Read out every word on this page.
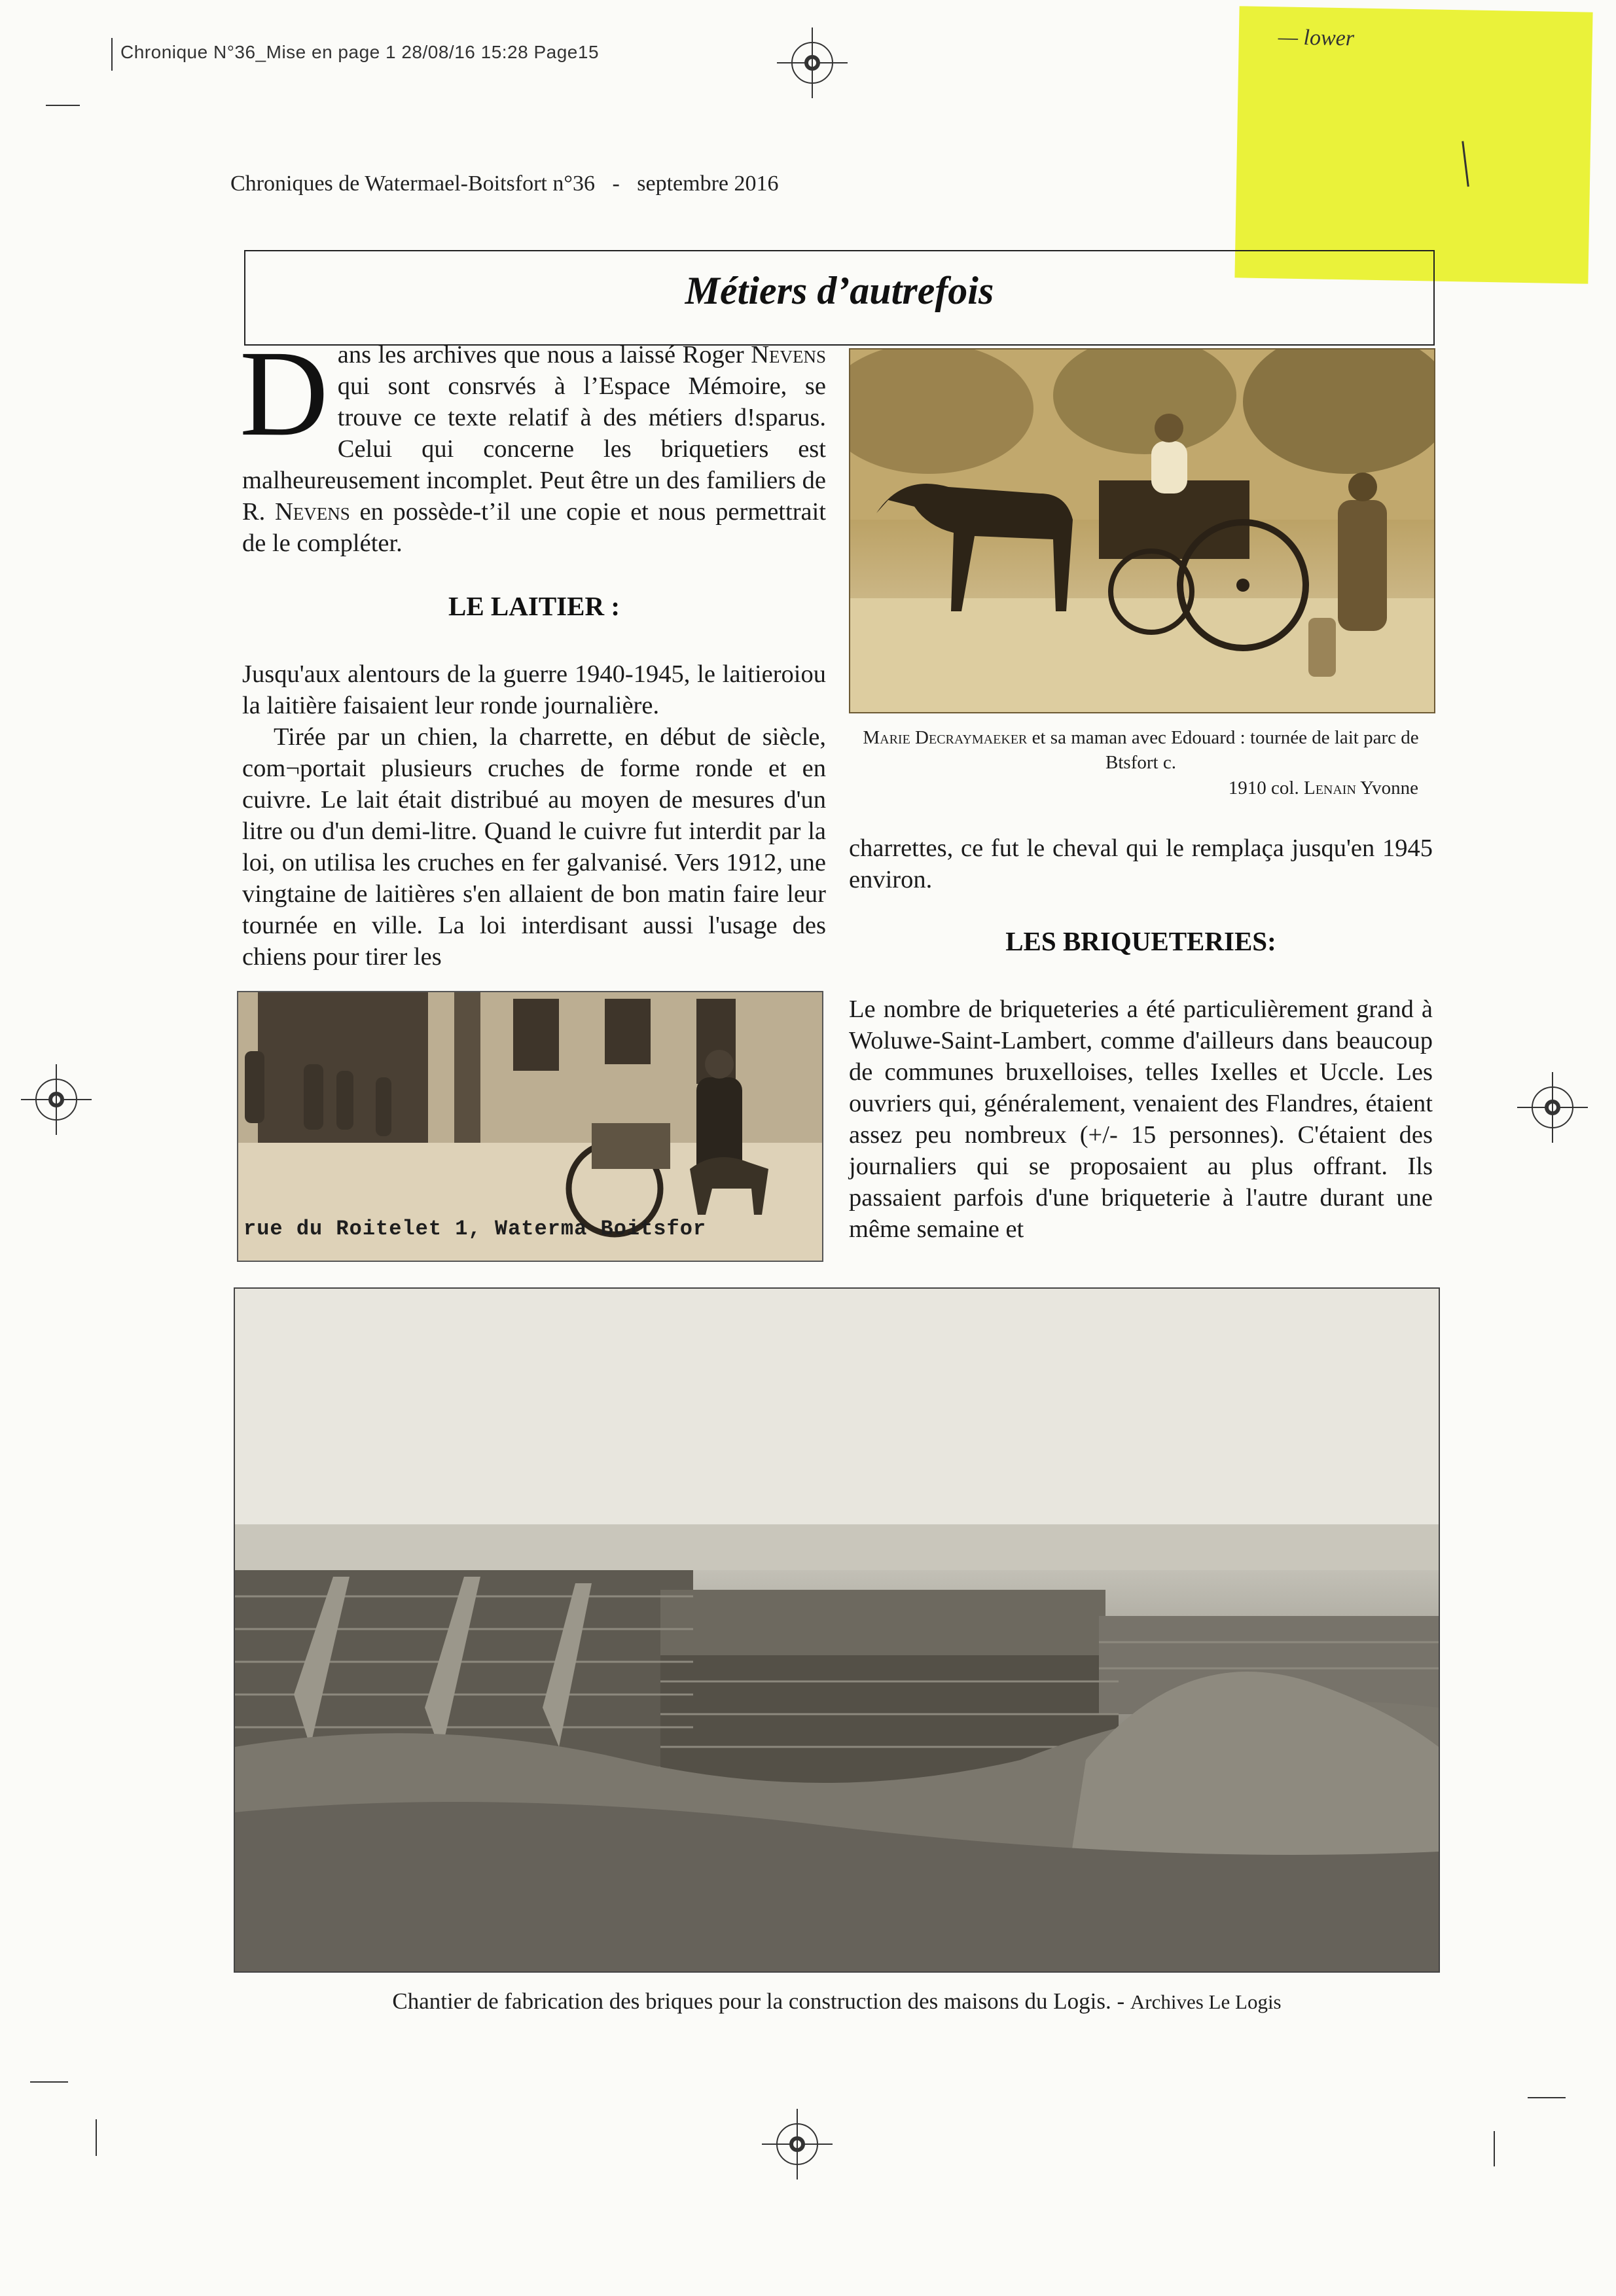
Chronique N°36_Mise en page 1 28/08/16 15:28 Page15
— lower
Chroniques de Watermael-Boitsfort n°36 - septembre 2016
Métiers d’autrefois
Dans les archives que nous a laissé Roger Nevens qui sont consrvés à l’Espace Mémoire, se trouve ce texte relatif à des métiers d!sparus. Celui qui concerne les briquetiers est malheureusement incomplet. Peut être un des familiers de R. Nevens en possède-t’il une copie et nous permettrait de le compléter.
LE LAITIER :

Jusqu'aux alentours de la guerre 1940-1945, le laitieroiou la laitière faisaient leur ronde journalière.

Tirée par un chien, la charrette, en début de siècle, com¬portait plusieurs cruches de forme ronde et en cuivre. Le lait était distribué au moyen de mesures d'un litre ou d'un demi-litre. Quand le cuivre fut interdit par la loi, on utilisa les cruches en fer galvanisé. Vers 1912, une vingtaine de laitières s'en allaient de bon matin faire leur tournée en ville. La loi interdisant aussi l'usage des chiens pour tirer les

Marie Decraymaeker et sa maman avec Edouard : tournée de lait parc de Btsfort c.
1910 col. Lenain Yvonne
charrettes, ce fut le cheval qui le remplaça jusqu'en 1945 environ.
LES BRIQUETERIES:
Le nombre de briqueteries a été particulièrement grand à Woluwe-Saint-Lambert, comme d'ailleurs dans beaucoup de communes bruxelloises, telles Ixelles et Uccle. Les ouvriers qui, généralement, venaient des Flandres, étaient assez peu nombreux (+/- 15 personnes). C'étaient des journaliers qui se proposaient au plus offrant. Ils passaient parfois d'une briqueterie à l'autre durant une même semaine et
rue du Roitelet 1, Waterma Boitsfor
Chantier de fabrication des briques pour la construction des maisons du Logis. - Archives Le Logis
